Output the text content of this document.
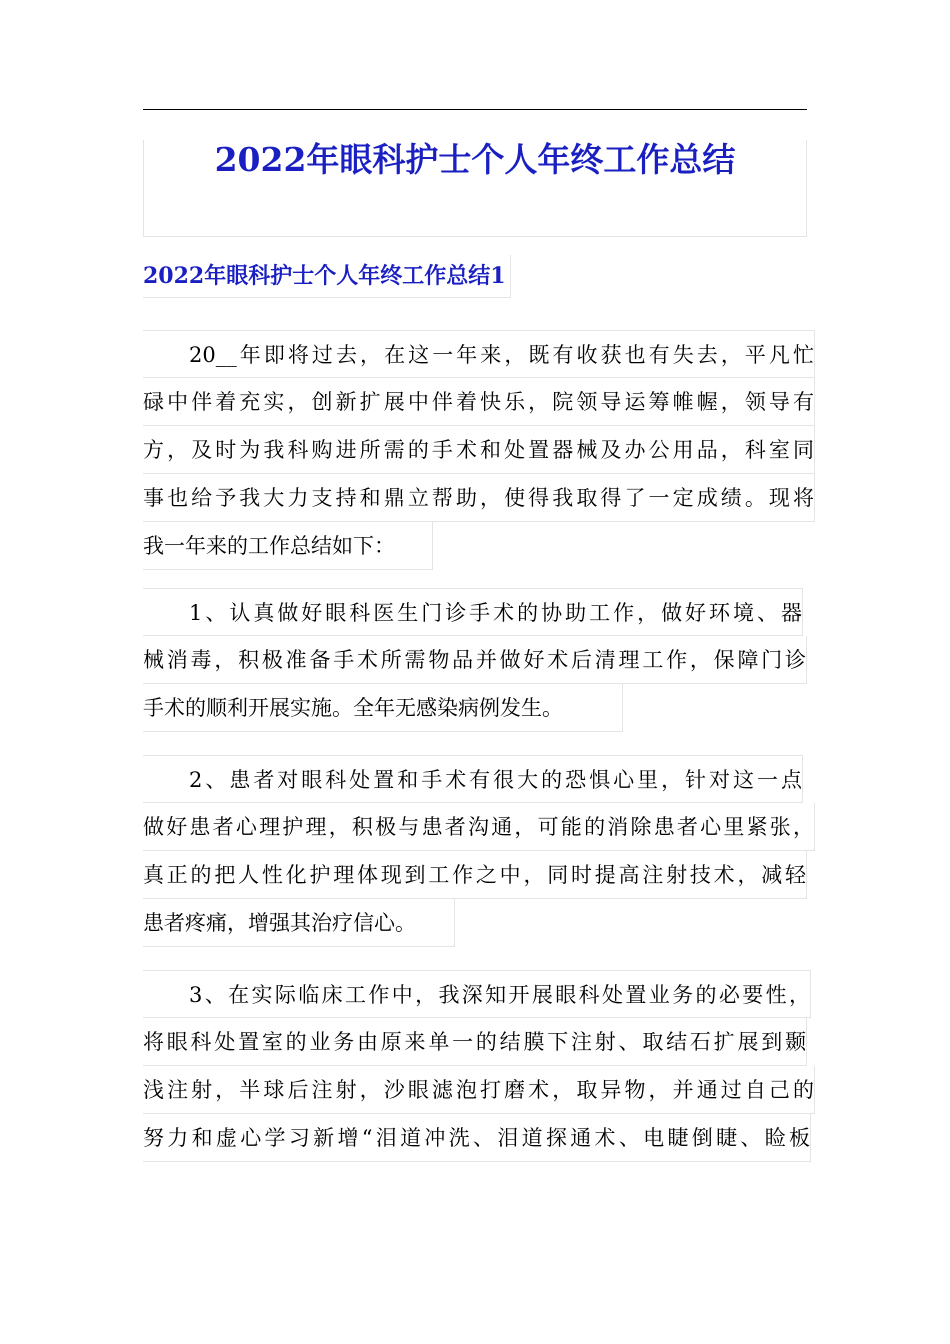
2022年眼科护士个人年终工作总结
2022年眼科护士个人年终工作总结1
20__年即将过去，在这一年来，既有收获也有失去，平凡忙
碌中伴着充实，创新扩展中伴着快乐，院领导运筹帷幄，领导有
方，及时为我科购进所需的手术和处置器械及办公用品，科室同
事也给予我大力支持和鼎立帮助，使得我取得了一定成绩。现将
我一年来的工作总结如下：
1、认真做好眼科医生门诊手术的协助工作，做好环境、器
械消毒，积极准备手术所需物品并做好术后清理工作，保障门诊
手术的顺利开展实施。全年无感染病例发生。
2、患者对眼科处置和手术有很大的恐惧心里，针对这一点
做好患者心理护理，积极与患者沟通，可能的消除患者心里紧张，
真正的把人性化护理体现到工作之中，同时提高注射技术，减轻
患者疼痛，增强其治疗信心。
3、在实际临床工作中，我深知开展眼科处置业务的必要性，
将眼科处置室的业务由原来单一的结膜下注射、取结石扩展到颞
浅注射，半球后注射，沙眼滤泡打磨术，取异物，并通过自己的
努力和虚心学习新增“泪道冲洗、泪道探通术、电睫倒睫、睑板
